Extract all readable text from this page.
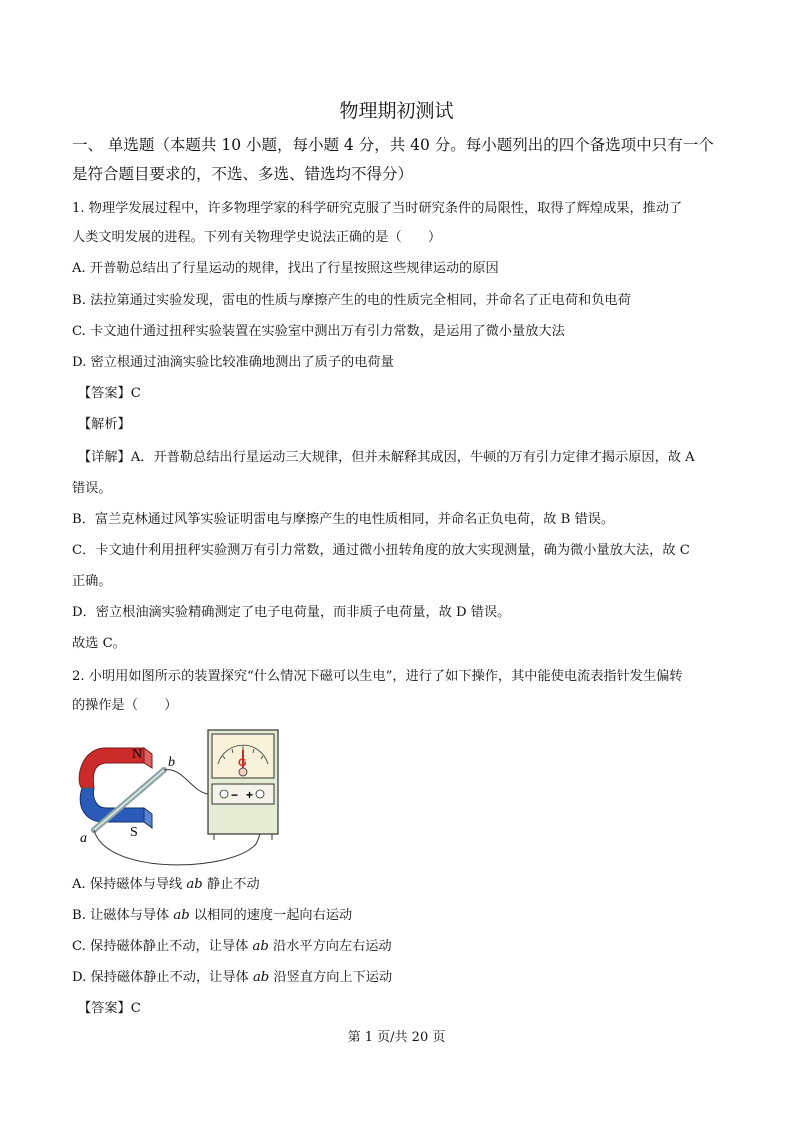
物理期初测试
一、 单选题（本题共 10 小题，每小题 4 分，共 40 分。每小题列出的四个备选项中只有一个
是符合题目要求的，不选、多选、错选均不得分）
1. 物理学发展过程中，许多物理学家的科学研究克服了当时研究条件的局限性，取得了辉煌成果，推动了
人类文明发展的进程。下列有关物理学史说法正确的是（　　）
A. 开普勒总结出了行星运动的规律，找出了行星按照这些规律运动的原因
B. 法拉第通过实验发现，雷电的性质与摩擦产生的电的性质完全相同，并命名了正电荷和负电荷
C. 卡文迪什通过扭秤实验装置在实验室中测出万有引力常数，是运用了微小量放大法
D. 密立根通过油滴实验比较准确地测出了质子的电荷量
【答案】C
【解析】
【详解】A．开普勒总结出行星运动三大规律，但并未解释其成因，牛顿的万有引力定律才揭示原因，故 A
错误。
B．富兰克林通过风筝实验证明雷电与摩擦产生的电性质相同，并命名正负电荷，故 B 错误。
C．卡文迪什利用扭秤实验测万有引力常数，通过微小扭转角度的放大实现测量，确为微小量放大法，故 C
正确。
D．密立根油滴实验精确测定了电子电荷量，而非质子电荷量，故 D 错误。
故选 C。
2. 小明用如图所示的装置探究“什么情况下磁可以生电”，进行了如下操作，其中能使电流表指针发生偏转
的操作是（　　）
N
S
a
b	G
− +
A. 保持磁体与导线 ab 静止不动
B. 让磁体与导体 ab 以相同的速度一起向右运动
C. 保持磁体静止不动，让导体 ab 沿水平方向左右运动
D. 保持磁体静止不动，让导体 ab 沿竖直方向上下运动
【答案】C
第 1 页/共 20 页
